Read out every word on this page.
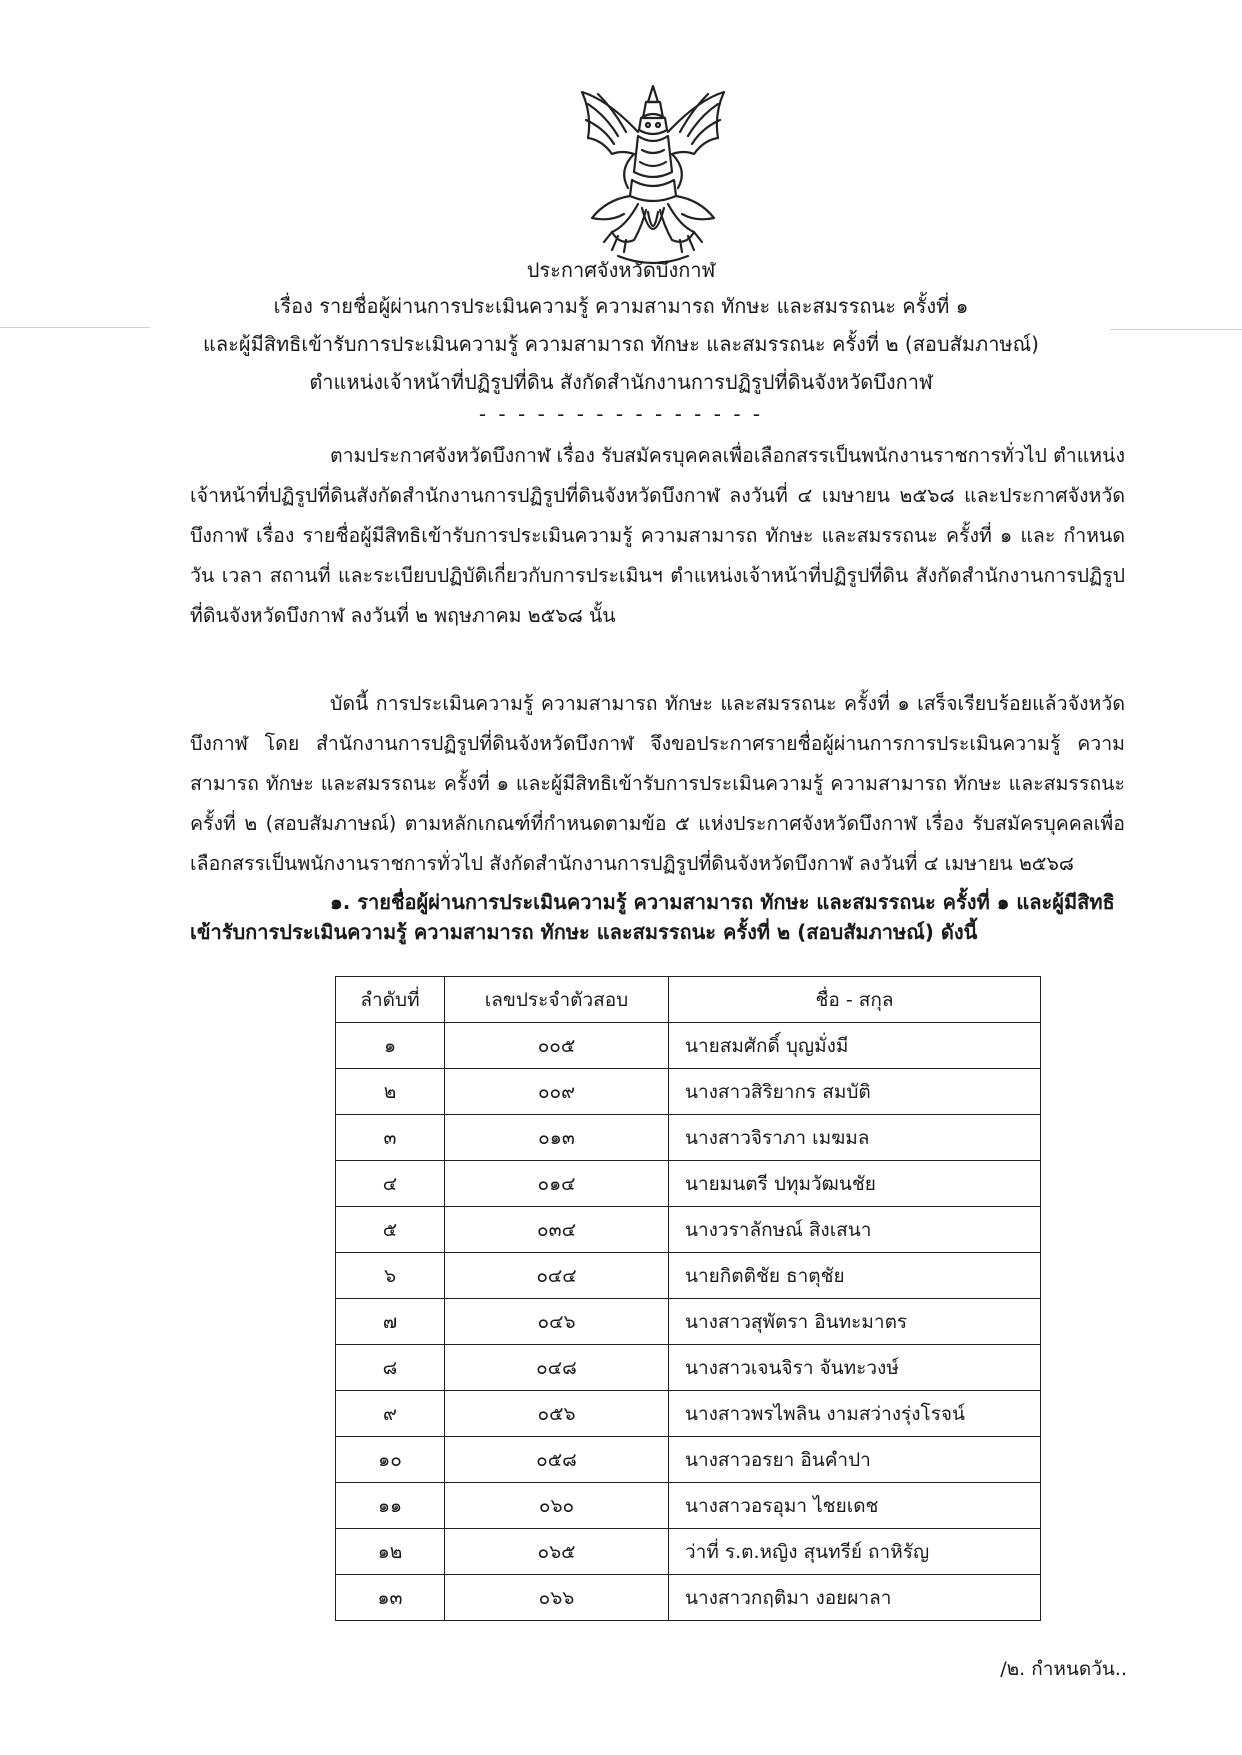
ประกาศจังหวัดบึงกาฬ
เรื่อง รายชื่อผู้ผ่านการประเมินความรู้ ความสามารถ ทักษะ และสมรรถนะ ครั้งที่ ๑
และผู้มีสิทธิเข้ารับการประเมินความรู้ ความสามารถ ทักษะ และสมรรถนะ ครั้งที่ ๒ (สอบสัมภาษณ์)
ตำแหน่งเจ้าหน้าที่ปฏิรูปที่ดิน สังกัดสำนักงานการปฏิรูปที่ดินจังหวัดบึงกาฬ
- - - - - - - - - - - - - - -
ตามประกาศจังหวัดบึงกาฬ เรื่อง รับสมัครบุคคลเพื่อเลือกสรรเป็นพนักงานราชการทั่วไป ตำแหน่ง เจ้าหน้าที่ปฏิรูปที่ดินสังกัดสำนักงานการปฏิรูปที่ดินจังหวัดบึงกาฬ ลงวันที่ ๔ เมษายน ๒๕๖๘ และประกาศจังหวัดบึงกาฬ เรื่อง รายชื่อผู้มีสิทธิเข้ารับการประเมินความรู้ ความสามารถ ทักษะ และสมรรถนะ ครั้งที่ ๑ และ กำหนดวัน เวลา สถานที่ และระเบียบปฏิบัติเกี่ยวกับการประเมินฯ ตำแหน่งเจ้าหน้าที่ปฏิรูปที่ดิน สังกัดสำนักงานการปฏิรูปที่ดินจังหวัดบึงกาฬ ลงวันที่ ๒ พฤษภาคม ๒๕๖๘ นั้น
บัดนี้ การประเมินความรู้ ความสามารถ ทักษะ และสมรรถนะ ครั้งที่ ๑ เสร็จเรียบร้อยแล้วจังหวัด บึงกาฬ โดย สำนักงานการปฏิรูปที่ดินจังหวัดบึงกาฬ จึงขอประกาศรายชื่อผู้ผ่านการการประเมินความรู้ ความสามารถ ทักษะ และสมรรถนะ ครั้งที่ ๑ และผู้มีสิทธิเข้ารับการประเมินความรู้ ความสามารถ ทักษะ และสมรรถนะ ครั้งที่ ๒ (สอบสัมภาษณ์) ตามหลักเกณฑ์ที่กำหนดตามข้อ ๕ แห่งประกาศจังหวัดบึงกาฬ เรื่อง รับสมัครบุคคลเพื่อเลือกสรรเป็นพนักงานราชการทั่วไป สังกัดสำนักงานการปฏิรูปที่ดินจังหวัดบึงกาฬ ลงวันที่ ๔ เมษายน ๒๕๖๘
๑. รายชื่อผู้ผ่านการประเมินความรู้ ความสามารถ ทักษะ และสมรรถนะ ครั้งที่ ๑ และผู้มีสิทธิเข้ารับการประเมินความรู้ ความสามารถ ทักษะ และสมรรถนะ ครั้งที่ ๒ (สอบสัมภาษณ์) ดังนี้
ลำดับที่	เลขประจำตัวสอบ	ชื่อ - สกุล
๑	๐๐๕	นายสมศักดิ์ บุญมั่งมี
๒	๐๐๙	นางสาวสิริยากร สมบัติ
๓	๐๑๓	นางสาวจิราภา เมฆมล
๔	๐๑๔	นายมนตรี ปทุมวัฒนชัย
๕	๐๓๔	นางวราลักษณ์ สิงเสนา
๖	๐๔๔	นายกิตติชัย ธาตุชัย
๗	๐๔๖	นางสาวสุพัตรา อินทะมาตร
๘	๐๔๘	นางสาวเจนจิรา จันทะวงษ์
๙	๐๕๖	นางสาวพรไพลิน งามสว่างรุ่งโรจน์
๑๐	๐๕๘	นางสาวอรยา อินคำปา
๑๑	๐๖๐	นางสาวอรอุมา ไชยเดช
๑๒	๐๖๕	ว่าที่ ร.ต.หญิง สุนทรีย์ ถาหิรัญ
๑๓	๐๖๖	นางสาวกฤติมา งอยผาลา
/๒. กำหนดวัน..
